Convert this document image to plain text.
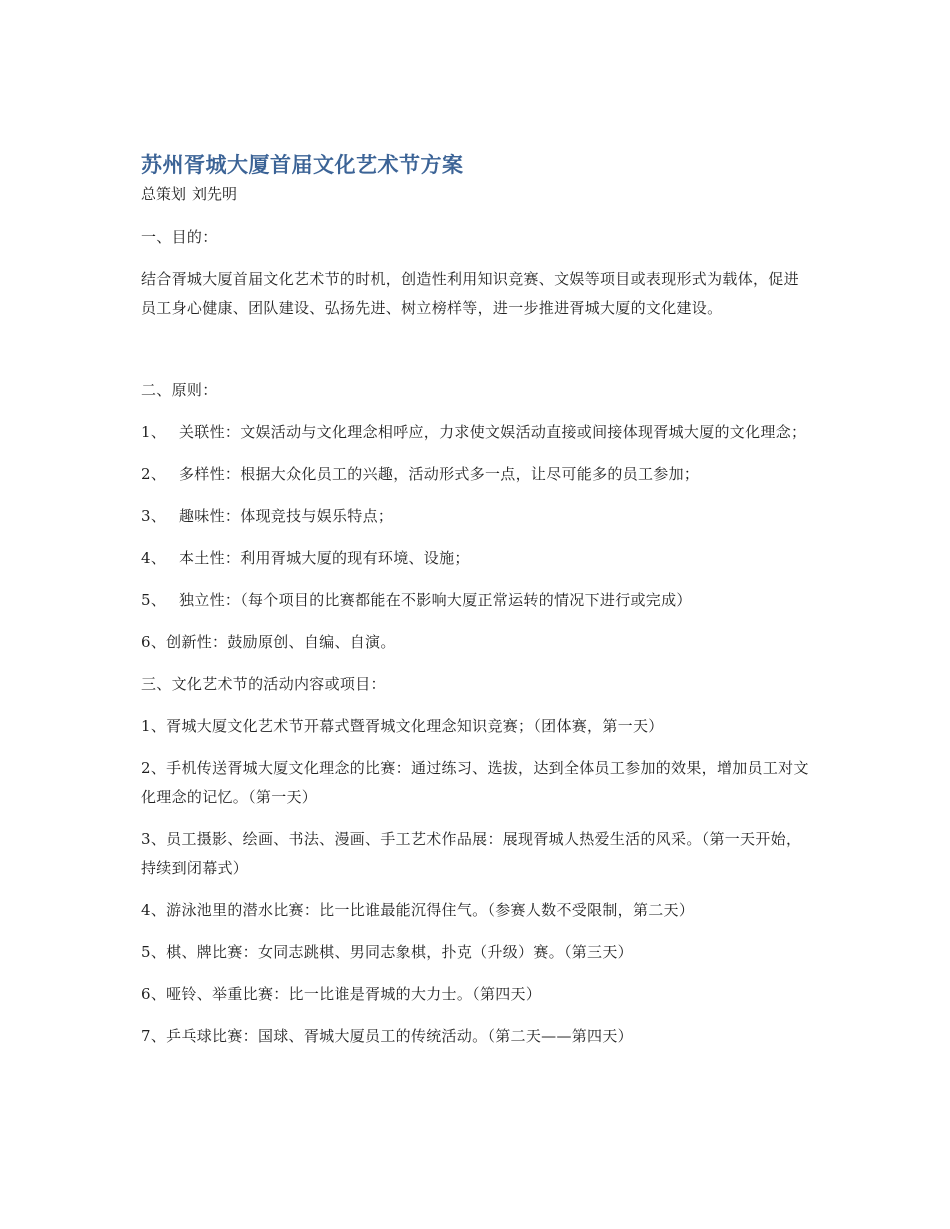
苏州胥城大厦首届文化艺术节方案
总策划 刘先明

一、目的：

结合胥城大厦首届文化艺术节的时机，创造性利用知识竞赛、文娱等项目或表现形式为载体，促进员工身心健康、团队建设、弘扬先进、树立榜样等，进一步推进胥城大厦的文化建设。

二、原则：

1、 关联性：文娱活动与文化理念相呼应，力求使文娱活动直接或间接体现胥城大厦的文化理念；

2、 多样性：根据大众化员工的兴趣，活动形式多一点，让尽可能多的员工参加；

3、 趣味性：体现竞技与娱乐特点；

4、 本土性：利用胥城大厦的现有环境、设施；

5、 独立性：（每个项目的比赛都能在不影响大厦正常运转的情况下进行或完成）

6、创新性：鼓励原创、自编、自演。

三、文化艺术节的活动内容或项目：

1、胥城大厦文化艺术节开幕式暨胥城文化理念知识竞赛；（团体赛，第一天）

2、手机传送胥城大厦文化理念的比赛：通过练习、选拔，达到全体员工参加的效果，增加员工对文化理念的记忆。（第一天）

3、员工摄影、绘画、书法、漫画、手工艺术作品展：展现胥城人热爱生活的风采。（第一天开始，持续到闭幕式）

4、游泳池里的潜水比赛：比一比谁最能沉得住气。（参赛人数不受限制，第二天）

5、棋、牌比赛：女同志跳棋、男同志象棋，扑克（升级）赛。（第三天）

6、哑铃、举重比赛：比一比谁是胥城的大力士。（第四天）

7、乒乓球比赛：国球、胥城大厦员工的传统活动。（第二天——第四天）
